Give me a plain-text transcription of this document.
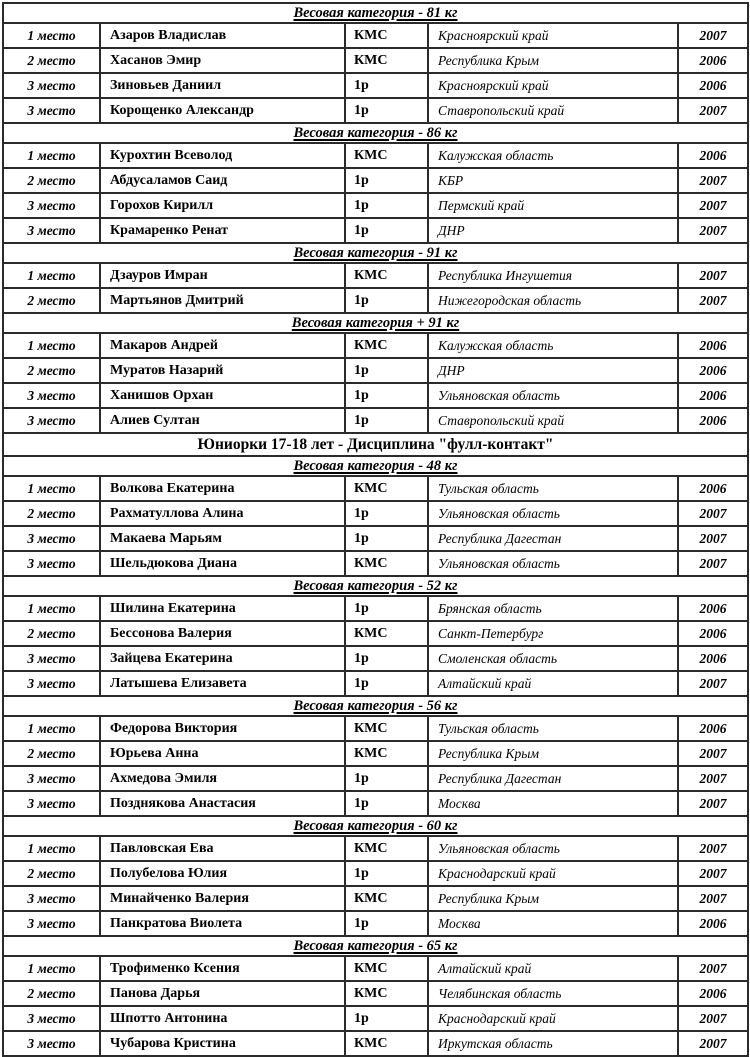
Весовая категория - 81 кг				
1 место	Азаров Владислав	КМС	Красноярский край	2007
2 место	Хасанов Эмир	КМС	Республика Крым	2006
3 место	Зиновьев Даниил	1р	Красноярский край	2006
3 место	Корощенко Александр	1р	Ставропольский край	2007
Весовая категория - 86 кг				
1 место	Курохтин Всеволод	КМС	Калужская область	2006
2 место	Абдусаламов Саид	1р	КБР	2007
3 место	Горохов Кирилл	1р	Пермский край	2007
3 место	Крамаренко Ренат	1р	ДНР	2007
Весовая категория - 91 кг				
1 место	Дзауров Имран	КМС	Республика Ингушетия	2007
2 место	Мартьянов Дмитрий	1р	Нижегородская область	2007
Весовая категория + 91 кг				
1 место	Макаров Андрей	КМС	Калужская область	2006
2 место	Муратов Назарий	1р	ДНР	2006
3 место	Ханишов Орхан	1р	Ульяновская область	2006
3 место	Алиев Султан	1р	Ставропольский край	2006
Юниорки 17-18 лет - Дисциплина "фулл-контакт"				
Весовая категория - 48 кг				
1 место	Волкова Екатерина	КМС	Тульская область	2006
2 место	Рахматуллова Алина	1р	Ульяновская область	2007
3 место	Макаева Марьям	1р	Республика Дагестан	2007
3 место	Шельдюкова Диана	КМС	Ульяновская область	2007
Весовая категория - 52 кг				
1 место	Шилина Екатерина	1р	Брянская область	2006
2 место	Бессонова Валерия	КМС	Санкт-Петербург	2006
3 место	Зайцева Екатерина	1р	Смоленская область	2006
3 место	Латышева Елизавета	1р	Алтайский край	2007
Весовая категория - 56 кг				
1 место	Федорова Виктория	КМС	Тульская область	2006
2 место	Юрьева Анна	КМС	Республика Крым	2007
3 место	Ахмедова Эмиля	1р	Республика Дагестан	2007
3 место	Позднякова Анастасия	1р	Москва	2007
Весовая категория - 60 кг				
1 место	Павловская Ева	КМС	Ульяновская область	2007
2 место	Полубелова Юлия	1р	Краснодарский край	2007
3 место	Минайченко Валерия	КМС	Республика Крым	2007
3 место	Панкратова Виолета	1р	Москва	2006
Весовая категория - 65 кг				
1 место	Трофименко Ксения	КМС	Алтайский край	2007
2 место	Панова Дарья	КМС	Челябинская область	2006
3 место	Шпотто Антонина	1р	Краснодарский край	2007
3 место	Чубарова Кристина	КМС	Иркутская область	2007
